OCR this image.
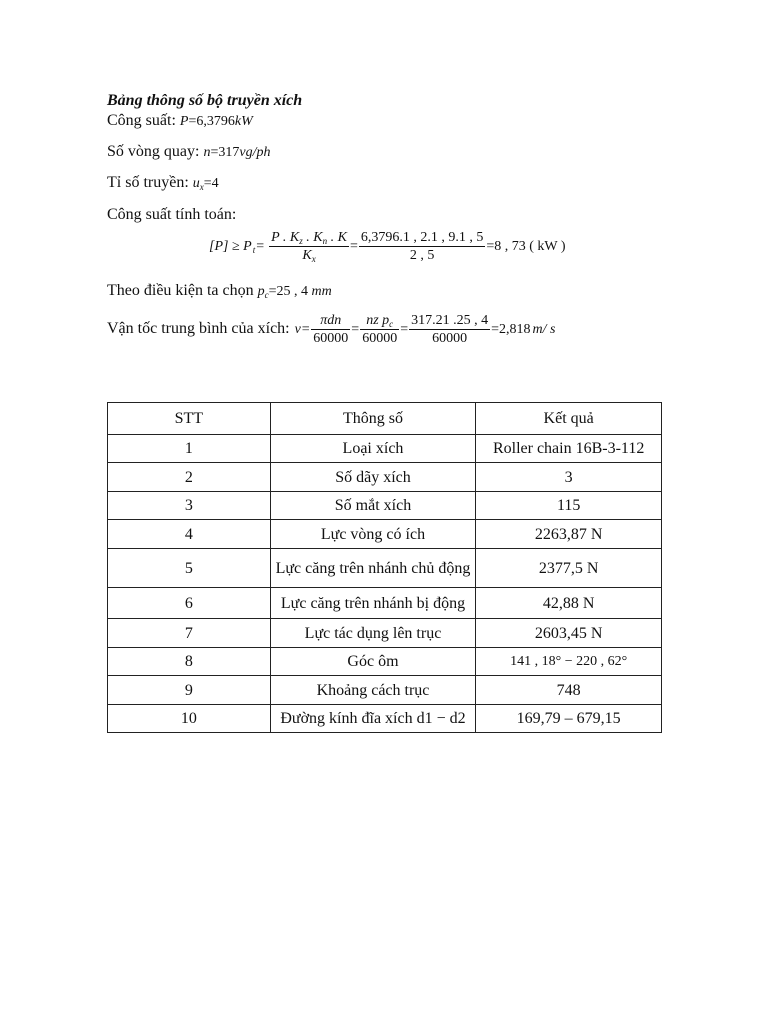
Bảng thông số bộ truyền xích
Công suất: P=6,3796kW
Số vòng quay: n=317vg/ph
Tỉ số truyền: $u_x=4$
Công suất tính toán:
$[P] \ge P_t= \frac{P . K_z . K_n . K}{K_x} = \frac{6,3796.1 , 2.1 , 9.1 , 5}{2 , 5} =8$ , 73 ( kW )
Theo điều kiện ta chọn $p_c=25$ , 4 mm
Vận tốc trung bình của xích: $v= \frac{\text{πdn}}{60000} = \frac{nz p_c}{60000} = \frac{317.21 .25 , 4}{60000} =2,818$ m/ s
STT	Thông số	Kết quả
1	Loại xích	Roller chain 16B-3-112
2	Số dãy xích	3
3	Số mắt xích	115
4	Lực vòng có ích	2263,87 N
5	Lực căng trên nhánh chủ động	2377,5 N
6	Lực căng trên nhánh bị động	42,88 N
7	Lực tác dụng lên trục	2603,45 N
8	Góc ôm	141 , 18° − 220 , 62°
9	Khoảng cách trục	748
10	Đường kính đĩa xích d1 − d2	169,79 – 679,15
